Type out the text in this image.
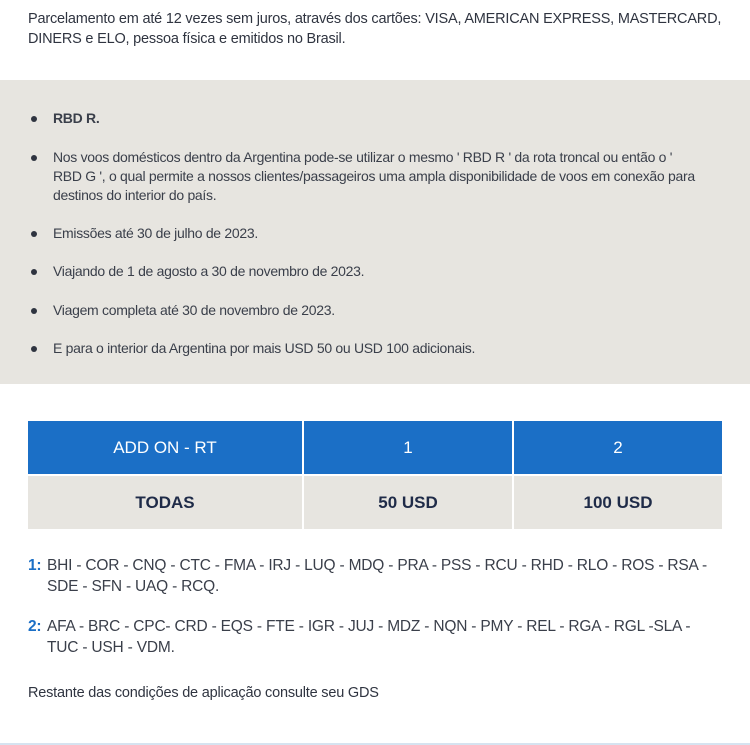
Parcelamento em até 12 vezes sem juros, através dos cartões: VISA, AMERICAN EXPRESS, MASTERCARD, DINERS e ELO, pessoa física e emitidos no Brasil.
RBD R.
Nos voos domésticos dentro da Argentina pode-se utilizar o mesmo ' RBD R ' da rota troncal ou então o ' RBD G ', o qual permite a nossos clientes/passageiros uma ampla disponibilidade de voos em conexão para destinos do interior do país.
Emissões até 30 de julho de 2023.
Viajando de 1 de agosto a 30 de novembro de 2023.
Viagem completa até 30 de novembro de 2023.
E para o interior da Argentina por mais USD 50 ou USD 100 adicionais.
ADD ON - RT	1	2
TODAS	50 USD	100 USD
1: BHI - COR - CNQ - CTC - FMA - IRJ - LUQ - MDQ - PRA - PSS - RCU - RHD - RLO - ROS - RSA - SDE - SFN - UAQ - RCQ.
2: AFA - BRC - CPC- CRD - EQS - FTE - IGR - JUJ - MDZ - NQN - PMY - REL - RGA - RGL -SLA - TUC - USH - VDM.
Restante das condições de aplicação consulte seu GDS
